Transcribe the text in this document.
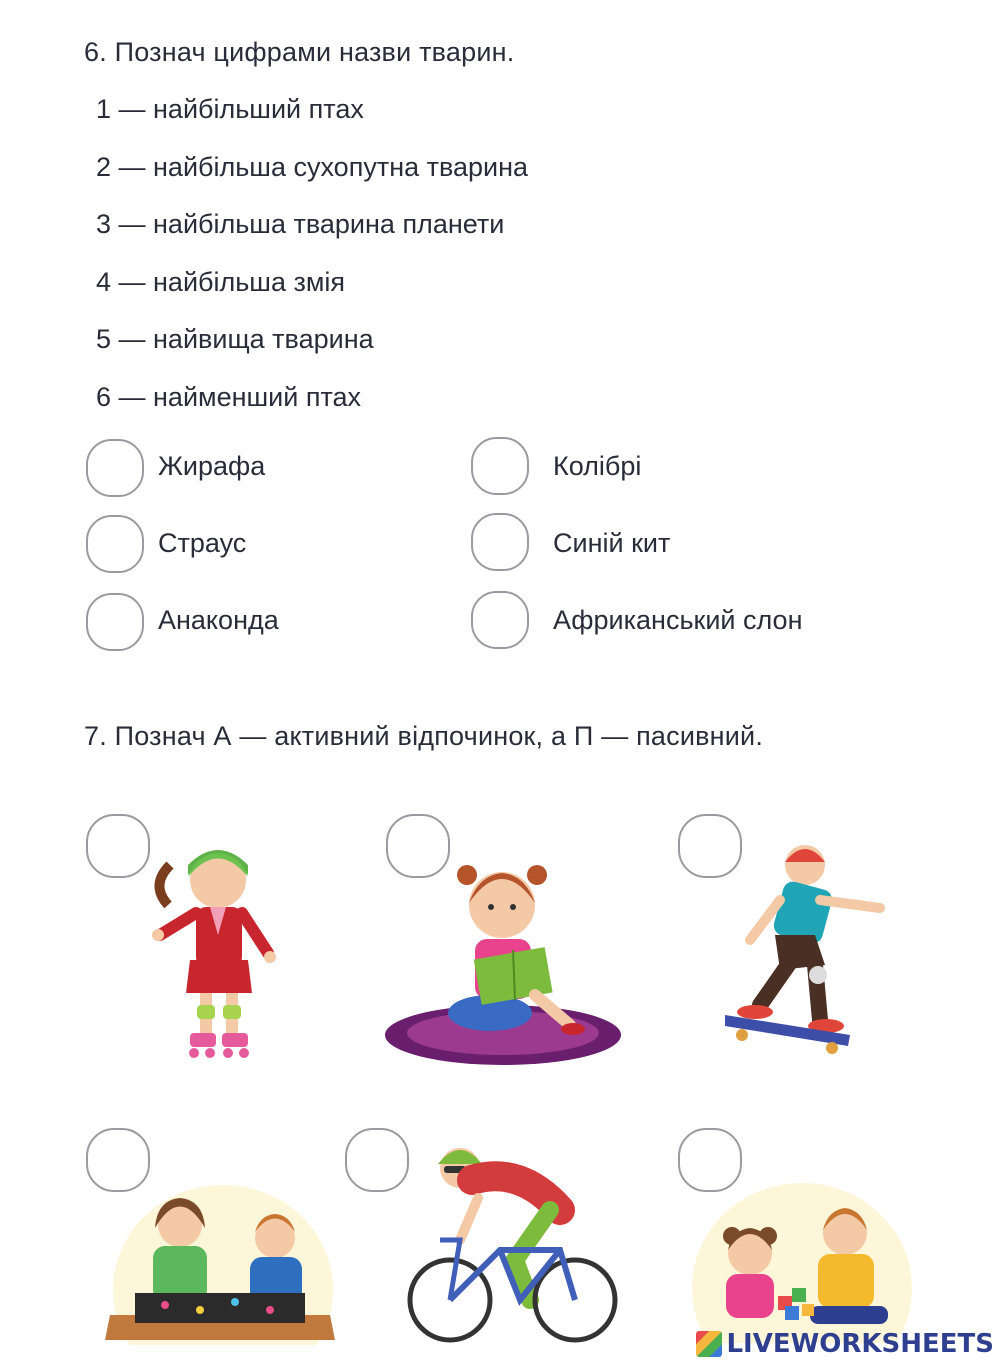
6. Познач цифрами назви тварин.
1 — найбільший птах
2 — найбільша сухопутна тварина
3 — найбільша тварина планети
4 — найбільша змія
5 — найвища тварина
6 — найменший птах
Жирафа	Колібрі
Страус	Синій кит
Анаконда	Африканський слон
7. Познач А — активний відпочинок, а П — пасивний.
LIVEWORKSHEETS
